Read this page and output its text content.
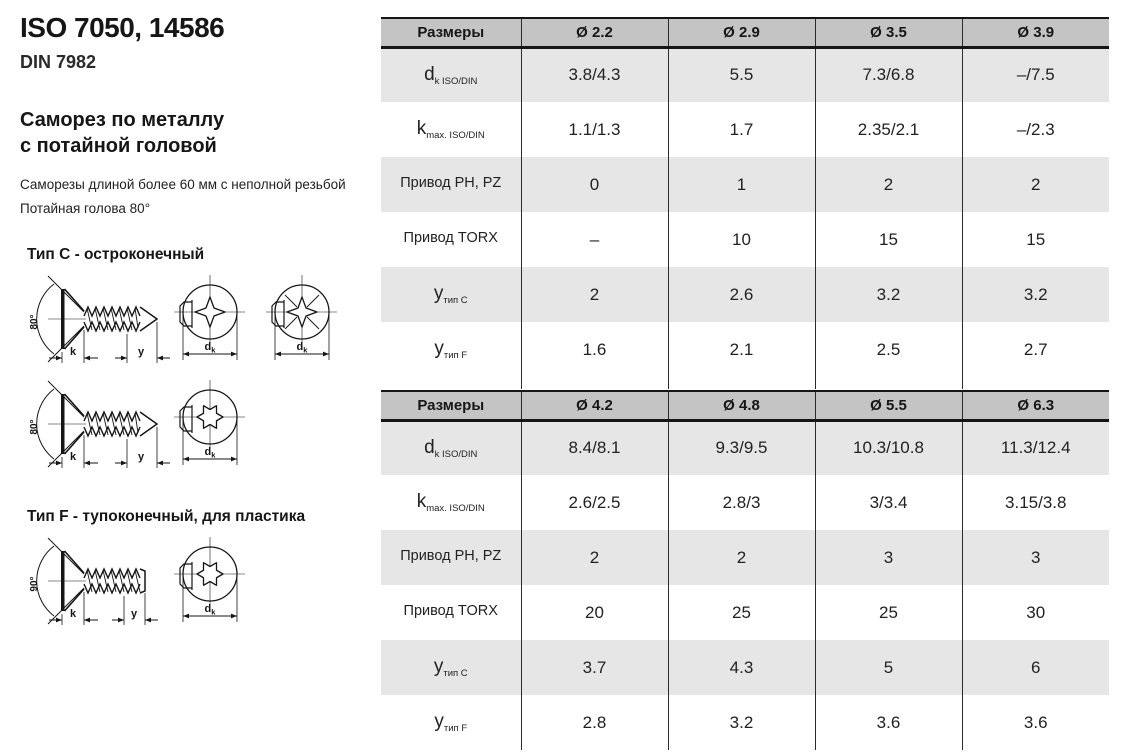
ISO 7050, 14586
DIN 7982
Саморез по металлу
с потайной головой
Саморезы длиной более 60 мм с неполной резьбой
Потайная голова 80°
Тип C - остроконечный
80°
k	y	$d_k$	$d_k$
80°
k	y	$d_k$
Тип F - тупоконечный, для пластика
90°
k	y	$d_k$
Размеры	Ø 2.2	Ø 2.9	Ø 3.5	Ø 3.9
$d_{k ISO/DIN}$	3.8/4.3	5.5	7.3/6.8	–/7.5
$k_{max. ISO/DIN}$	1.1/1.3	1.7	2.35/2.1	–/2.3
Привод PH, PZ	0	1	2	2
Привод TORX	–	10	15	15
$y_{тип C}$	2	2.6	3.2	3.2
$y_{тип F}$	1.6	2.1	2.5	2.7

Размеры	Ø 4.2	Ø 4.8	Ø 5.5	Ø 6.3
$d_{k ISO/DIN}$	8.4/8.1	9.3/9.5	10.3/10.8	11.3/12.4
$k_{max. ISO/DIN}$	2.6/2.5	2.8/3	3/3.4	3.15/3.8
Привод PH, PZ	2	2	3	3
Привод TORX	20	25	25	30
$y_{тип C}$	3.7	4.3	5	6
$y_{тип F}$	2.8	3.2	3.6	3.6
